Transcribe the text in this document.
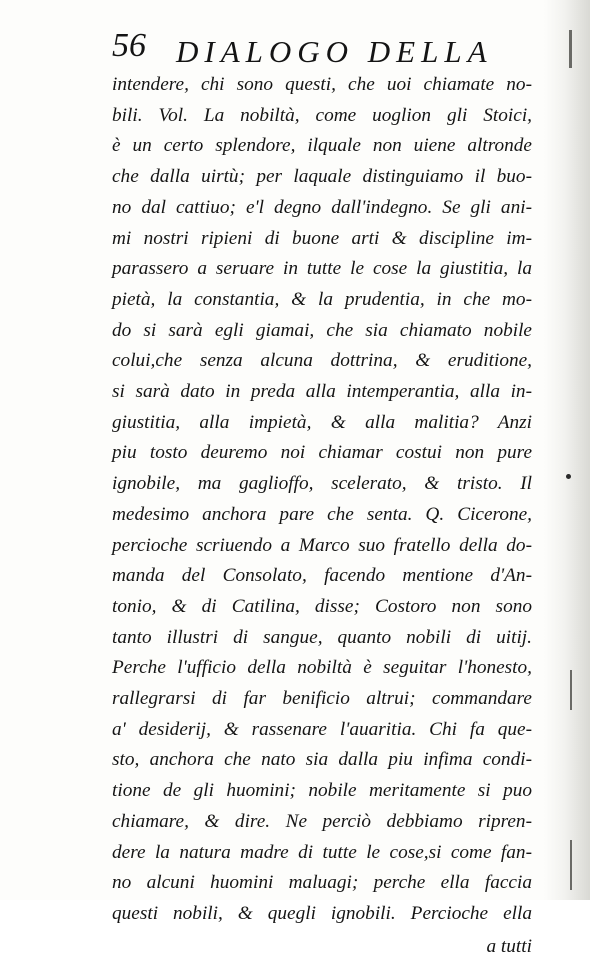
56 DIALOGO DELLA
intendere, chi sono questi, che uoi chiamate no-
bili. Vol. La nobiltà, come uoglion gli Stoici,
è un certo splendore, ilquale non uiene altronde
che dalla uirtù; per laquale distinguiamo il buo-
no dal cattiuo; e'l degno dall'indegno. Se gli ani-
mi nostri ripieni di buone arti & discipline im-
parassero a seruare in tutte le cose la giustitia, la
pietà, la constantia, & la prudentia, in che mo-
do si sarà egli giamai, che sia chiamato nobile
colui,che senza alcuna dottrina, & eruditione,
si sarà dato in preda alla intemperantia, alla in-
giustitia, alla impietà, & alla malitia? Anzi
piu tosto deuremo noi chiamar costui non pure
ignobile, ma gaglioffo, scelerato, & tristo. Il
medesimo anchora pare che senta. Q. Cicerone,
percioche scriuendo a Marco suo fratello della do-
manda del Consolato, facendo mentione d'An-
tonio, & di Catilina, disse; Costoro non sono
tanto illustri di sangue, quanto nobili di uitij.
Perche l'ufficio della nobiltà è seguitar l'honesto,
rallegrarsi di far benificio altrui; commandare
a' desiderij, & rassenare l'auaritia. Chi fa que-
sto, anchora che nato sia dalla piu infima condi-
tione de gli huomini; nobile meritamente si puo
chiamare, & dire. Ne perciò debbiamo ripren-
dere la natura madre di tutte le cose,si come fan-
no alcuni huomini maluagi; perche ella faccia
questi nobili, & quegli ignobili. Percioche ella
a tutti
